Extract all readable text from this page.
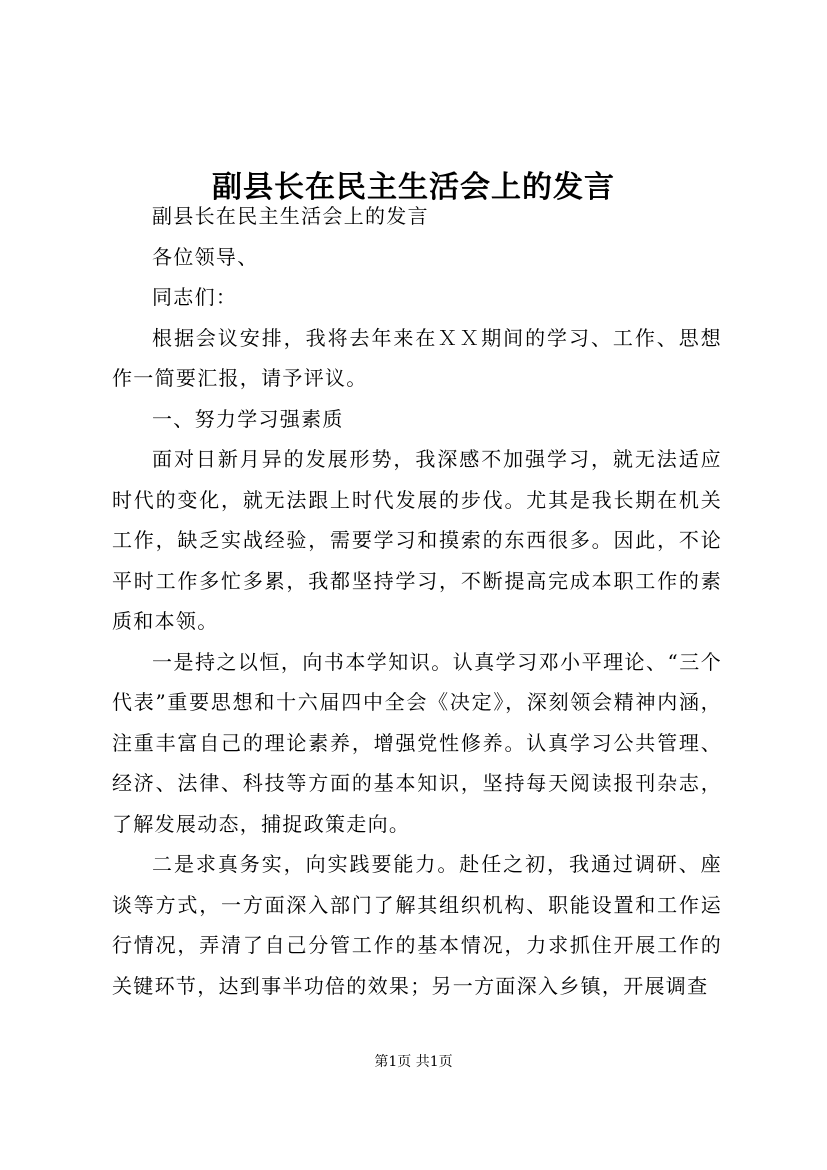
副县长在民主生活会上的发言

副县长在民主生活会上的发言

各位领导、

同志们：

根据会议安排，我将去年来在ＸＸ期间的学习、工作、思想作一简要汇报，请予评议。

一、努力学习强素质

面对日新月异的发展形势，我深感不加强学习，就无法适应时代的变化，就无法跟上时代发展的步伐。尤其是我长期在机关工作，缺乏实战经验，需要学习和摸索的东西很多。因此，不论平时工作多忙多累，我都坚持学习，不断提高完成本职工作的素质和本领。

一是持之以恒，向书本学知识。认真学习邓小平理论、“三个代表”重要思想和十六届四中全会《决定》，深刻领会精神内涵，注重丰富自己的理论素养，增强党性修养。认真学习公共管理、经济、法律、科技等方面的基本知识，坚持每天阅读报刊杂志，了解发展动态，捕捉政策走向。

二是求真务实，向实践要能力。赴任之初，我通过调研、座谈等方式，一方面深入部门了解其组织机构、职能设置和工作运行情况，弄清了自己分管工作的基本情况，力求抓住开展工作的关键环节，达到事半功倍的效果；另一方面深入乡镇，开展调查

第1页 共1页
